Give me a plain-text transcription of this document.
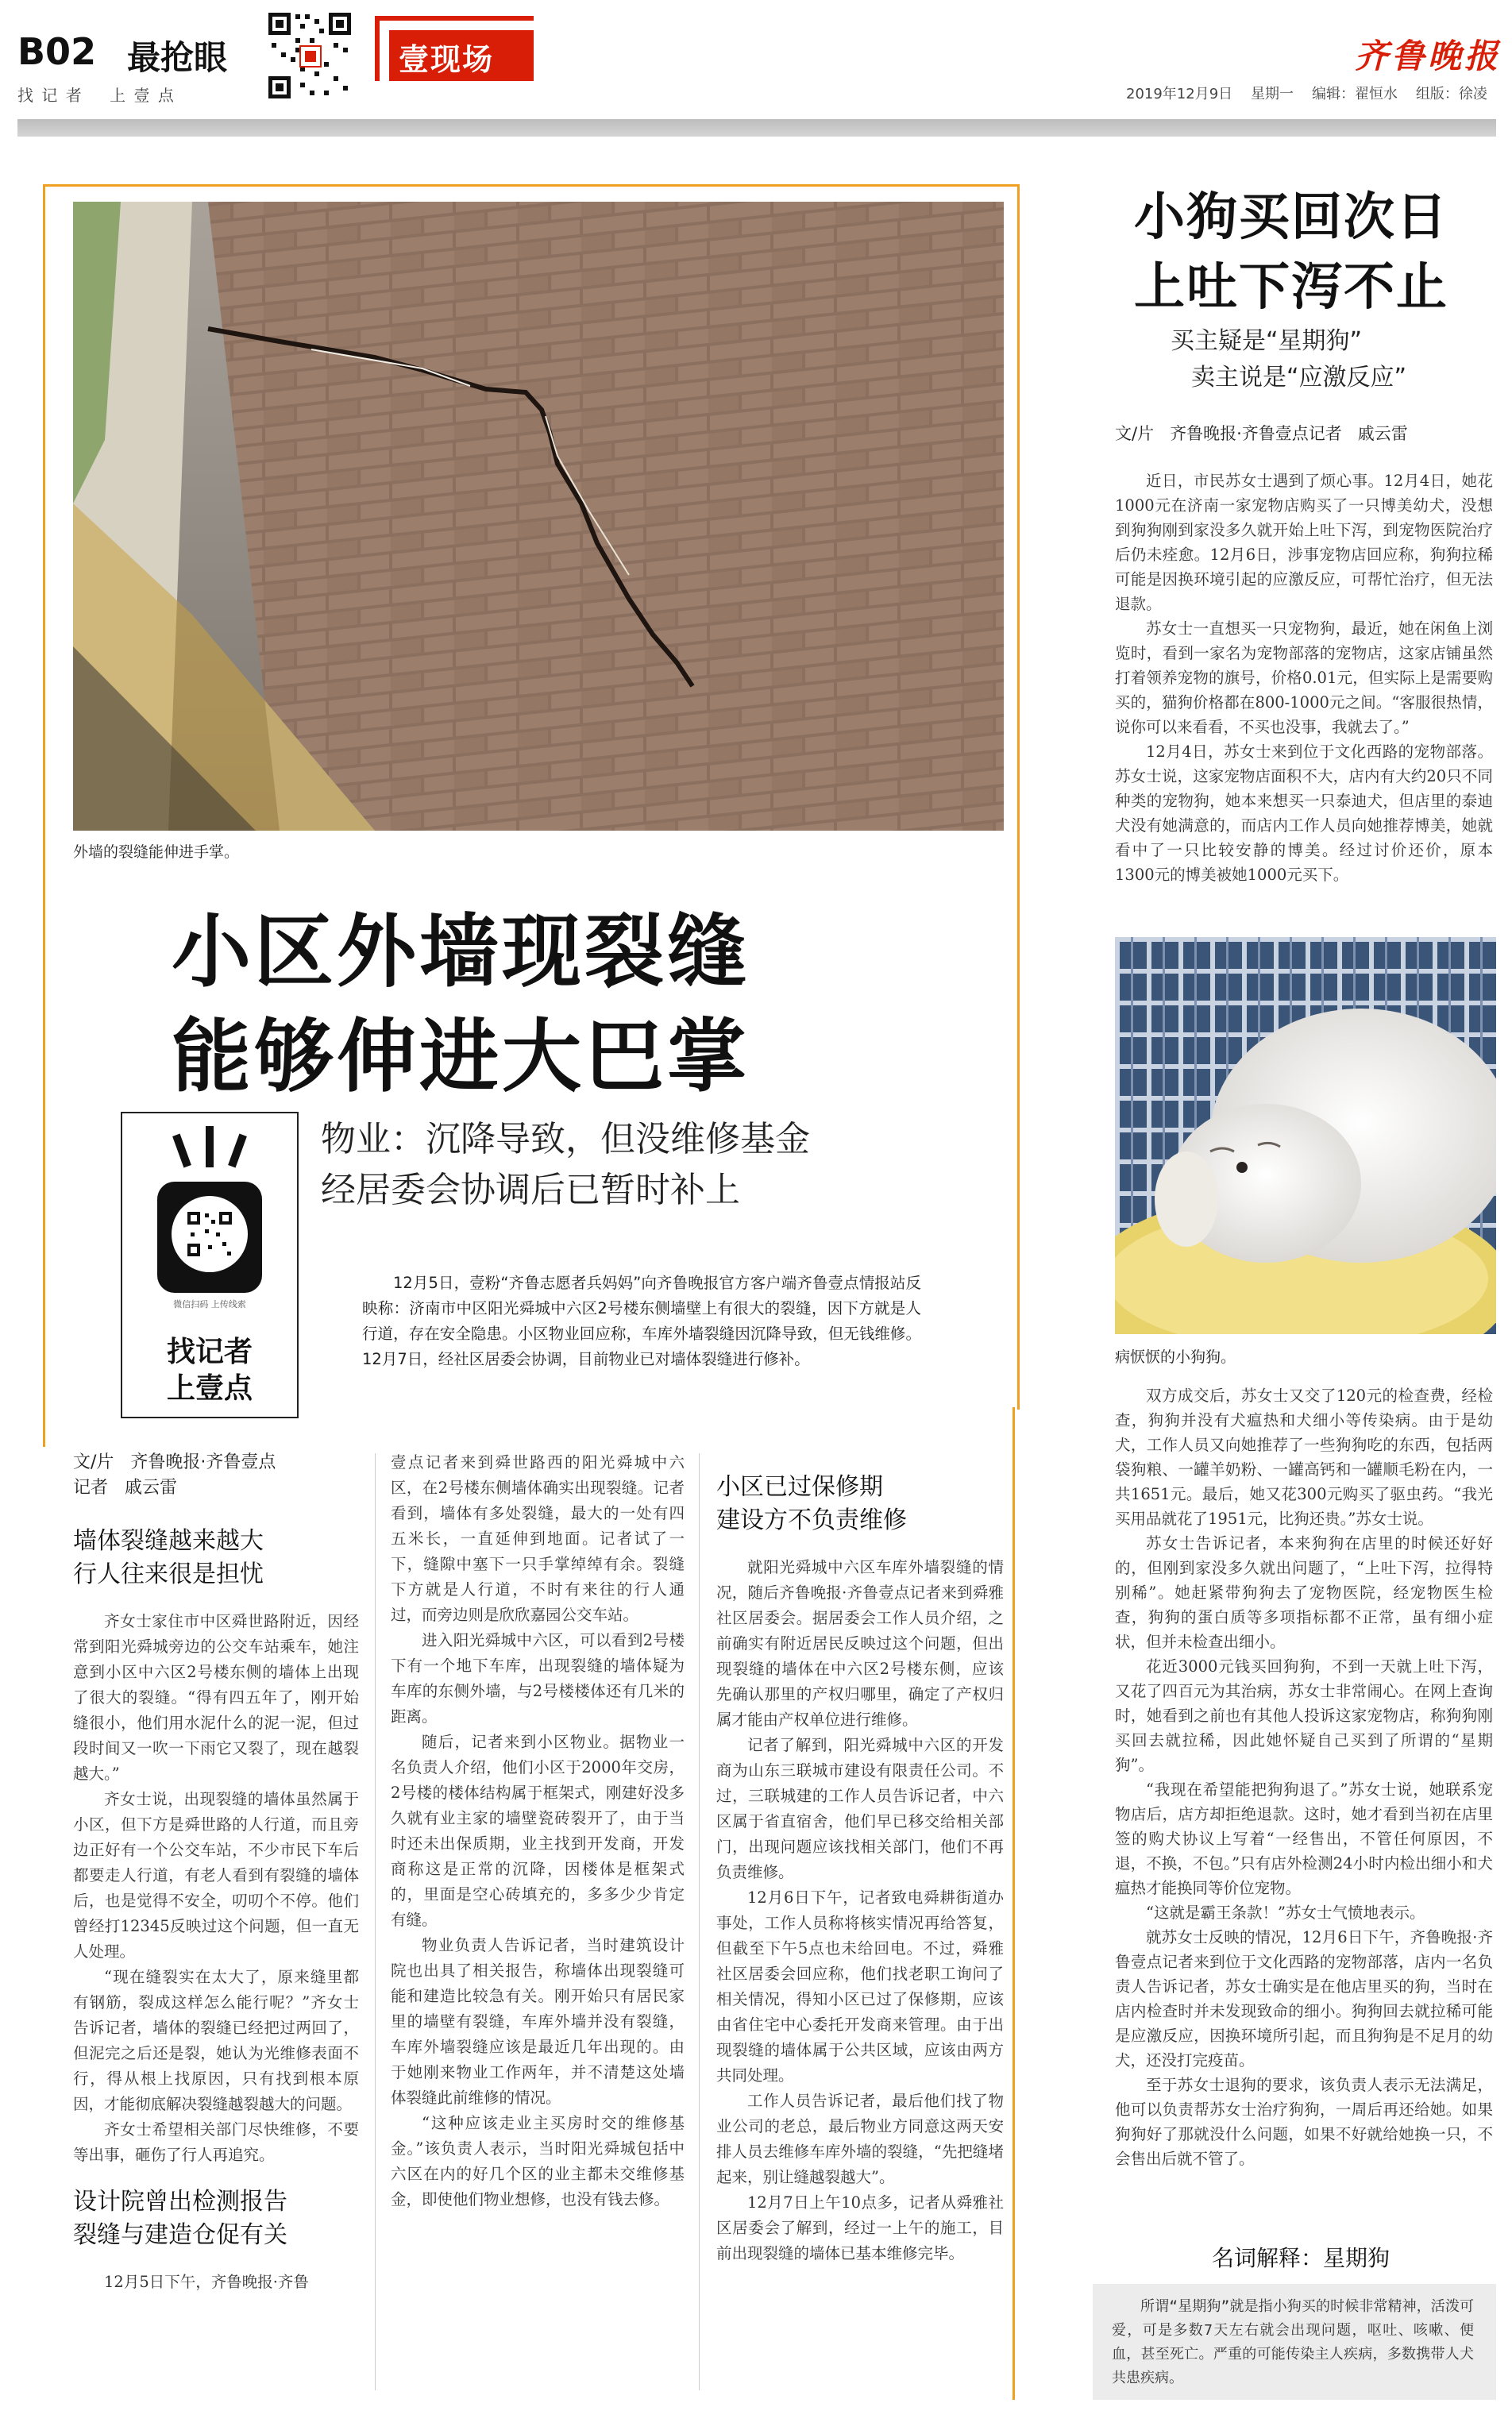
B02 最抢眼
找 记 者    上 壹 点
壹现场	齐鲁晚报
2019年12月9日    星期一    编辑：翟恒水    组版：徐凌
外墙的裂缝能伸进手掌。
小区外墙现裂缝
能够伸进大巴掌
微信扫码 上传线索
找记者
上壹点
物业：沉降导致，但没维修基金
经居委会协调后已暂时补上

12月5日，壹粉“齐鲁志愿者兵妈妈”向齐鲁晚报官方客户端齐鲁壹点情报站反映称：济南市中区阳光舜城中六区2号楼东侧墙壁上有很大的裂缝，因下方就是人行道，存在安全隐患。小区物业回应称，车库外墙裂缝因沉降导致，但无钱维修。12月7日，经社区居委会协调，目前物业已对墙体裂缝进行修补。

文/片   齐鲁晚报·齐鲁壹点
记者   戚云雷
墙体裂缝越来越大
行人往来很是担忧

齐女士家住市中区舜世路附近，因经常到阳光舜城旁边的公交车站乘车，她注意到小区中六区2号楼东侧的墙体上出现了很大的裂缝。“得有四五年了，刚开始缝很小，他们用水泥什么的泥一泥，但过段时间又一吹一下雨它又裂了，现在越裂越大。”

齐女士说，出现裂缝的墙体虽然属于小区，但下方是舜世路的人行道，而且旁边正好有一个公交车站，不少市民下车后都要走人行道，有老人看到有裂缝的墙体后，也是觉得不安全，叨叨个不停。他们曾经打12345反映过这个问题，但一直无人处理。

“现在缝裂实在太大了，原来缝里都有钢筋，裂成这样怎么能行呢？”齐女士告诉记者，墙体的裂缝已经把过两回了，但泥完之后还是裂，她认为光维修表面不行，得从根上找原因，只有找到根本原因，才能彻底解决裂缝越裂越大的问题。

齐女士希望相关部门尽快维修，不要等出事，砸伤了行人再追究。

设计院曾出检测报告
裂缝与建造仓促有关

12月5日下午，齐鲁晚报·齐鲁

壹点记者来到舜世路西的阳光舜城中六区，在2号楼东侧墙体确实出现裂缝。记者看到，墙体有多处裂缝，最大的一处有四五米长，一直延伸到地面。记者试了一下，缝隙中塞下一只手掌绰绰有余。裂缝下方就是人行道，不时有来往的行人通过，而旁边则是欣欣嘉园公交车站。

进入阳光舜城中六区，可以看到2号楼下有一个地下车库，出现裂缝的墙体疑为车库的东侧外墙，与2号楼楼体还有几米的距离。

随后，记者来到小区物业。据物业一名负责人介绍，他们小区于2000年交房，2号楼的楼体结构属于框架式，刚建好没多久就有业主家的墙壁瓷砖裂开了，由于当时还未出保质期，业主找到开发商，开发商称这是正常的沉降，因楼体是框架式的，里面是空心砖填充的，多多少少肯定有缝。

物业负责人告诉记者，当时建筑设计院也出具了相关报告，称墙体出现裂缝可能和建造比较急有关。刚开始只有居民家里的墙壁有裂缝，车库外墙并没有裂缝，车库外墙裂缝应该是最近几年出现的。由于她刚来物业工作两年，并不清楚这处墙体裂缝此前维修的情况。

“这种应该走业主买房时交的维修基金。”该负责人表示，当时阳光舜城包括中六区在内的好几个区的业主都未交维修基金，即使他们物业想修，也没有钱去修。

小区已过保修期
建设方不负责维修

就阳光舜城中六区车库外墙裂缝的情况，随后齐鲁晚报·齐鲁壹点记者来到舜雅社区居委会。据居委会工作人员介绍，之前确实有附近居民反映过这个问题，但出现裂缝的墙体在中六区2号楼东侧，应该先确认那里的产权归哪里，确定了产权归属才能由产权单位进行维修。

记者了解到，阳光舜城中六区的开发商为山东三联城市建设有限责任公司。不过，三联城建的工作人员告诉记者，中六区属于省直宿舍，他们早已移交给相关部门，出现问题应该找相关部门，他们不再负责维修。

12月6日下午，记者致电舜耕街道办事处，工作人员称将核实情况再给答复，但截至下午5点也未给回电。不过，舜雅社区居委会回应称，他们找老职工询问了相关情况，得知小区已过了保修期，应该由省住宅中心委托开发商来管理。由于出现裂缝的墙体属于公共区域，应该由两方共同处理。

工作人员告诉记者，最后他们找了物业公司的老总，最后物业方同意这两天安排人员去维修车库外墙的裂缝，“先把缝堵起来，别让缝越裂越大”。

12月7日上午10点多，记者从舜雅社区居委会了解到，经过一上午的施工，目前出现裂缝的墙体已基本维修完毕。

小狗买回次日
上吐下泻不止
买主疑是“星期狗”
卖主说是“应激反应”
文/片   齐鲁晚报·齐鲁壹点记者   戚云雷

近日，市民苏女士遇到了烦心事。12月4日，她花1000元在济南一家宠物店购买了一只博美幼犬，没想到狗狗刚到家没多久就开始上吐下泻，到宠物医院治疗后仍未痊愈。12月6日，涉事宠物店回应称，狗狗拉稀可能是因换环境引起的应激反应，可帮忙治疗，但无法退款。

苏女士一直想买一只宠物狗，最近，她在闲鱼上浏览时，看到一家名为宠物部落的宠物店，这家店铺虽然打着领养宠物的旗号，价格0.01元，但实际上是需要购买的，猫狗价格都在800-1000元之间。“客服很热情，说你可以来看看，不买也没事，我就去了。”

12月4日，苏女士来到位于文化西路的宠物部落。苏女士说，这家宠物店面积不大，店内有大约20只不同种类的宠物狗，她本来想买一只泰迪犬，但店里的泰迪犬没有她满意的，而店内工作人员向她推荐博美，她就看中了一只比较安静的博美。经过讨价还价，原本1300元的博美被她1000元买下。

病恹恹的小狗狗。

双方成交后，苏女士又交了120元的检查费，经检查，狗狗并没有犬瘟热和犬细小等传染病。由于是幼犬，工作人员又向她推荐了一些狗狗吃的东西，包括两袋狗粮、一罐羊奶粉、一罐高钙和一罐顺毛粉在内，一共1651元。最后，她又花300元购买了驱虫药。“我光买用品就花了1951元，比狗还贵。”苏女士说。

苏女士告诉记者，本来狗狗在店里的时候还好好的，但刚到家没多久就出问题了，“上吐下泻，拉得特别稀”。她赶紧带狗狗去了宠物医院，经宠物医生检查，狗狗的蛋白质等多项指标都不正常，虽有细小症状，但并未检查出细小。

花近3000元钱买回狗狗，不到一天就上吐下泻，又花了四百元为其治病，苏女士非常闹心。在网上查询时，她看到之前也有其他人投诉这家宠物店，称狗狗刚买回去就拉稀，因此她怀疑自己买到了所谓的“星期狗”。

“我现在希望能把狗狗退了。”苏女士说，她联系宠物店后，店方却拒绝退款。这时，她才看到当初在店里签的购犬协议上写着“一经售出，不管任何原因，不退，不换，不包。”只有店外检测24小时内检出细小和犬瘟热才能换同等价位宠物。

“这就是霸王条款！”苏女士气愤地表示。

就苏女士反映的情况，12月6日下午，齐鲁晚报·齐鲁壹点记者来到位于文化西路的宠物部落，店内一名负责人告诉记者，苏女士确实是在他店里买的狗，当时在店内检查时并未发现致命的细小。狗狗回去就拉稀可能是应激反应，因换环境所引起，而且狗狗是不足月的幼犬，还没打完疫苗。

至于苏女士退狗的要求，该负责人表示无法满足，他可以负责帮苏女士治疗狗狗，一周后再还给她。如果狗狗好了那就没什么问题，如果不好就给她换一只，不会售出后就不管了。

名词解释：星期狗

所谓“星期狗”就是指小狗买的时候非常精神，活泼可爱，可是多数7天左右就会出现问题，呕吐、咳嗽、便血，甚至死亡。严重的可能传染主人疾病，多数携带人犬共患疾病。
